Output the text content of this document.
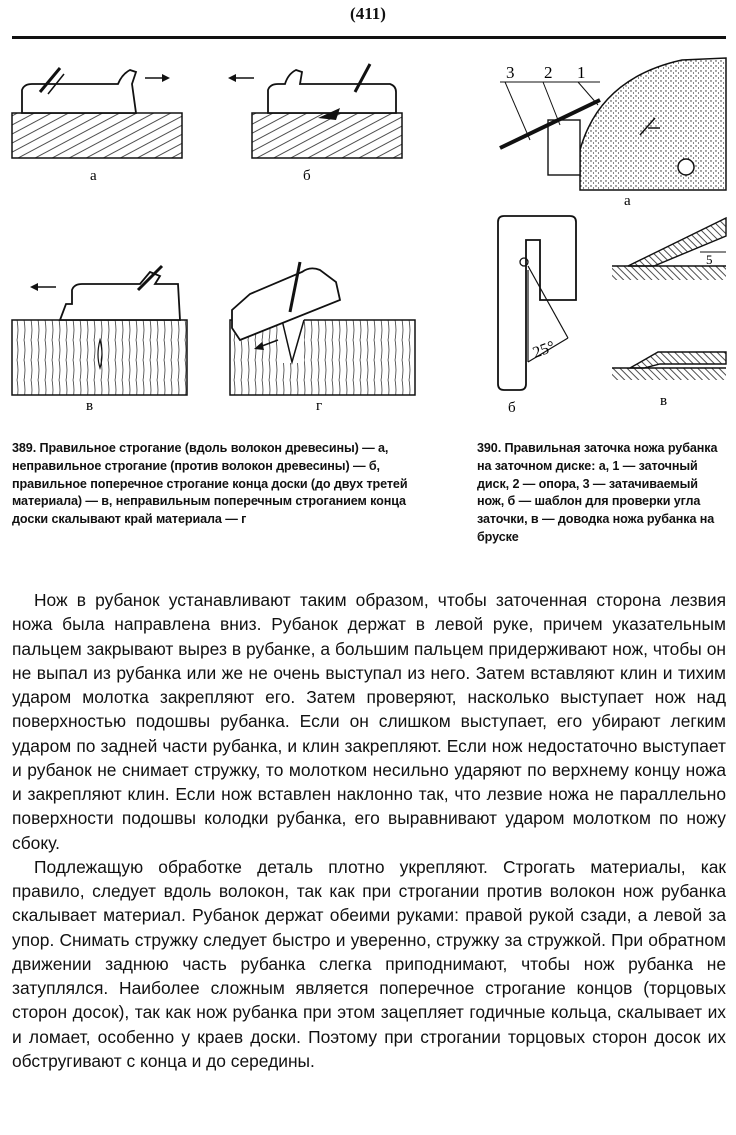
(411)
а	б
в	г
3 2 1
а
25°
б
5
в
389. Правильное строгание (вдоль волокон древесины) — а, неправильное строгание (против волокон древесины) — б, правильное поперечное строгание конца доски (до двух третей материала) — в, неправильным поперечным строганием конца доски скалывают край материала — г
390. Правильная заточка ножа рубанка на заточном диске: а, 1 — заточный диск, 2 — опора, 3 — затачиваемый нож, б — шаблон для проверки угла заточки, в — доводка ножа рубанка на бруске

Нож в рубанок устанавливают таким образом, чтобы заточенная сторона лезвия ножа была направлена вниз. Рубанок держат в левой руке, причем указательным пальцем закрывают вырез в рубанке, а большим пальцем придерживают нож, чтобы он не выпал из рубанка или же не очень выступал из него. Затем вставляют клин и тихим ударом молотка закрепляют его. Затем проверяют, насколько выступает нож над поверхностью подошвы рубанка. Если он слишком выступает, его убирают легким ударом по задней части рубанка, и клин закрепляют. Если нож недостаточно выступает и рубанок не снимает стружку, то молотком несильно ударяют по верхнему концу ножа и закрепляют клин. Если нож вставлен наклонно так, что лезвие ножа не параллельно поверхности подошвы колодки рубанка, его выравнивают ударом молотком по ножу сбоку.

Подлежащую обработке деталь плотно укрепляют. Строгать материалы, как правило, следует вдоль волокон, так как при строгании против волокон нож рубанка скалывает материал. Рубанок держат обеими руками: правой рукой сзади, а левой за упор. Снимать стружку следует быстро и уверенно, стружку за стружкой. При обратном движении заднюю часть рубанка слегка приподнимают, чтобы нож рубанка не затуплялся. Наиболее сложным является поперечное строгание концов (торцовых сторон досок), так как нож рубанка при этом зацепляет годичные кольца, скалывает их и ломает, особенно у краев доски. Поэтому при строгании торцовых сторон досок их обстругивают с конца и до середины.
